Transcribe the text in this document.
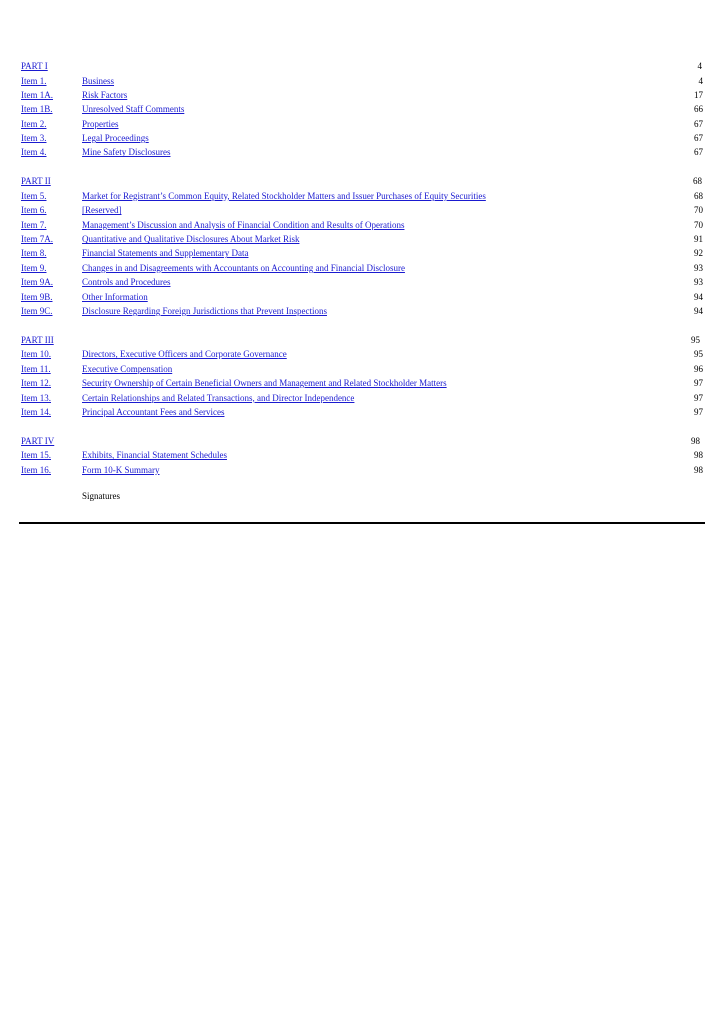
PART I	4
Item 1.	Business	4
Item 1A.	Risk Factors	17
Item 1B.	Unresolved Staff Comments	66
Item 2.	Properties	67
Item 3.	Legal Proceedings	67
Item 4.	Mine Safety Disclosures	67
PART II	68
Item 5.	Market for Registrant’s Common Equity, Related Stockholder Matters and Issuer Purchases of Equity Securities	68
Item 6.	[Reserved]	70
Item 7.	Management’s Discussion and Analysis of Financial Condition and Results of Operations	70
Item 7A.	Quantitative and Qualitative Disclosures About Market Risk	91
Item 8.	Financial Statements and Supplementary Data	92
Item 9.	Changes in and Disagreements with Accountants on Accounting and Financial Disclosure	93
Item 9A.	Controls and Procedures	93
Item 9B.	Other Information	94
Item 9C.	Disclosure Regarding Foreign Jurisdictions that Prevent Inspections	94
PART III	95
Item 10.	Directors, Executive Officers and Corporate Governance	95
Item 11.	Executive Compensation	96
Item 12.	Security Ownership of Certain Beneficial Owners and Management and Related Stockholder Matters	97
Item 13.	Certain Relationships and Related Transactions, and Director Independence	97
Item 14.	Principal Accountant Fees and Services	97
PART IV	98
Item 15.	Exhibits, Financial Statement Schedules	98
Item 16.	Form 10-K Summary	98
Signatures
